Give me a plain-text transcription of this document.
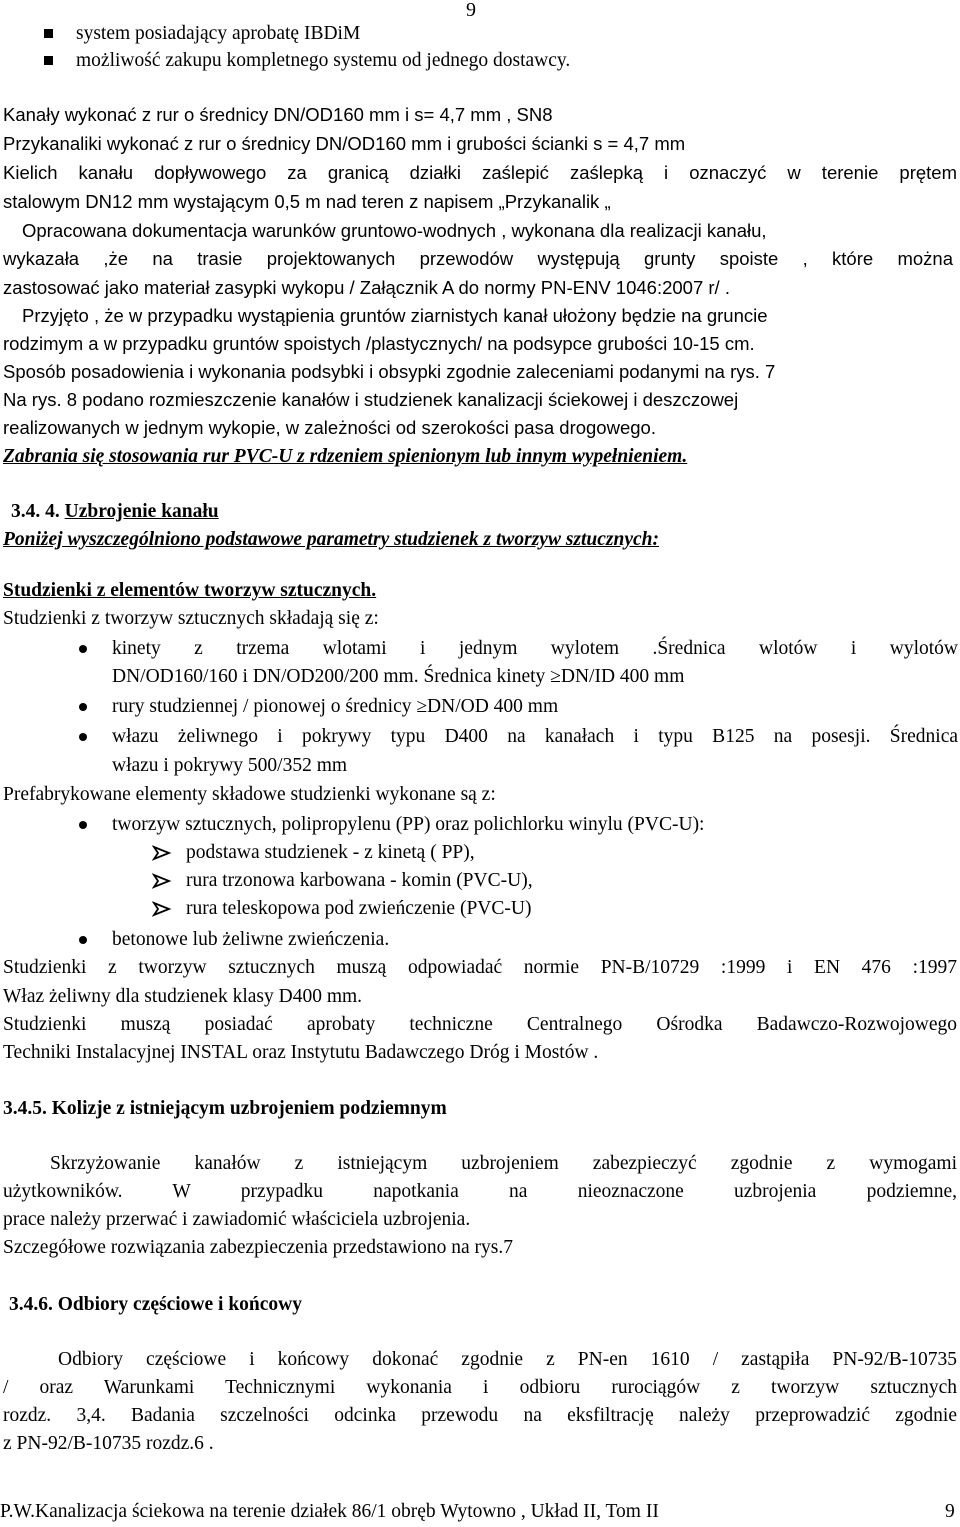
9
system posiadający aprobatę IBDiM
możliwość zakupu kompletnego systemu od jednego dostawcy.
Kanały wykonać z rur o średnicy DN/OD160 mm i s= 4,7 mm , SN8
Przykanaliki wykonać z rur o średnicy DN/OD160 mm i grubości ścianki s = 4,7 mm
Kielich kanału dopływowego za granicą działki zaślepić zaślepką i oznaczyć w terenie prętem
stalowym DN12 mm wystającym 0,5 m nad teren z napisem „Przykanalik „
Opracowana dokumentacja warunków gruntowo-wodnych , wykonana dla realizacji kanału,
wykazała ,że na trasie projektowanych przewodów występują grunty spoiste , które można
zastosować jako materiał zasypki wykopu / Załącznik A do normy PN-ENV 1046:2007 r/ .
Przyjęto , że w przypadku wystąpienia gruntów ziarnistych kanał ułożony będzie na gruncie
rodzimym a w przypadku gruntów spoistych /plastycznych/ na podsypce grubości 10-15 cm.
Sposób posadowienia i wykonania podsybki i obsypki zgodnie zaleceniami podanymi na rys. 7
Na rys. 8 podano rozmieszczenie kanałów i studzienek kanalizacji ściekowej i deszczowej
realizowanych w jednym wykopie, w zależności od szerokości pasa drogowego.
Zabrania się stosowania rur PVC-U z rdzeniem spienionym lub innym wypełnieniem.
3.4. 4. Uzbrojenie kanału
Poniżej wyszczególniono podstawowe parametry studzienek z tworzyw sztucznych:
Studzienki z elementów tworzyw sztucznych.
Studzienki z tworzyw sztucznych składają się z:
kinety z trzema wlotami i jednym wylotem .Średnica wlotów i wylotów
DN/OD160/160 i DN/OD200/200 mm. Średnica kinety ≥DN/ID 400 mm
rury studziennej / pionowej o średnicy ≥DN/OD 400 mm
włazu żeliwnego i pokrywy typu D400 na kanałach i typu B125 na posesji. Średnica
włazu i pokrywy 500/352 mm
Prefabrykowane elementy składowe studzienki wykonane są z:
tworzyw sztucznych, polipropylenu (PP) oraz polichlorku winylu (PVC-U):
podstawa studzienek - z kinetą ( PP),
rura trzonowa karbowana - komin (PVC-U),
rura teleskopowa pod zwieńczenie (PVC-U)
betonowe lub żeliwne zwieńczenia.
Studzienki z tworzyw sztucznych muszą odpowiadać normie PN-B/10729 :1999 i EN 476 :1997
Właz żeliwny dla studzienek klasy D400 mm.
Studzienki muszą posiadać aprobaty techniczne Centralnego Ośrodka Badawczo-Rozwojowego
Techniki Instalacyjnej INSTAL oraz Instytutu Badawczego Dróg i Mostów .
3.4.5. Kolizje z istniejącym uzbrojeniem podziemnym
Skrzyżowanie kanałów z istniejącym uzbrojeniem zabezpieczyć zgodnie z wymogami
użytkowników. W przypadku napotkania na nieoznaczone uzbrojenia podziemne,
prace należy przerwać i zawiadomić właściciela uzbrojenia.
Szczegółowe rozwiązania zabezpieczenia przedstawiono na rys.7
3.4.6. Odbiory częściowe i końcowy
Odbiory częściowe i końcowy dokonać zgodnie z PN-en 1610 / zastąpiła PN-92/B-10735
/ oraz Warunkami Technicznymi wykonania i odbioru rurociągów z tworzyw sztucznych
rozdz. 3,4. Badania szczelności odcinka przewodu na eksfiltrację należy przeprowadzić zgodnie
z PN-92/B-10735 rozdz.6 .
P.W.Kanalizacja ściekowa na terenie działek 86/1 obręb Wytowno , Układ II, Tom II	9
